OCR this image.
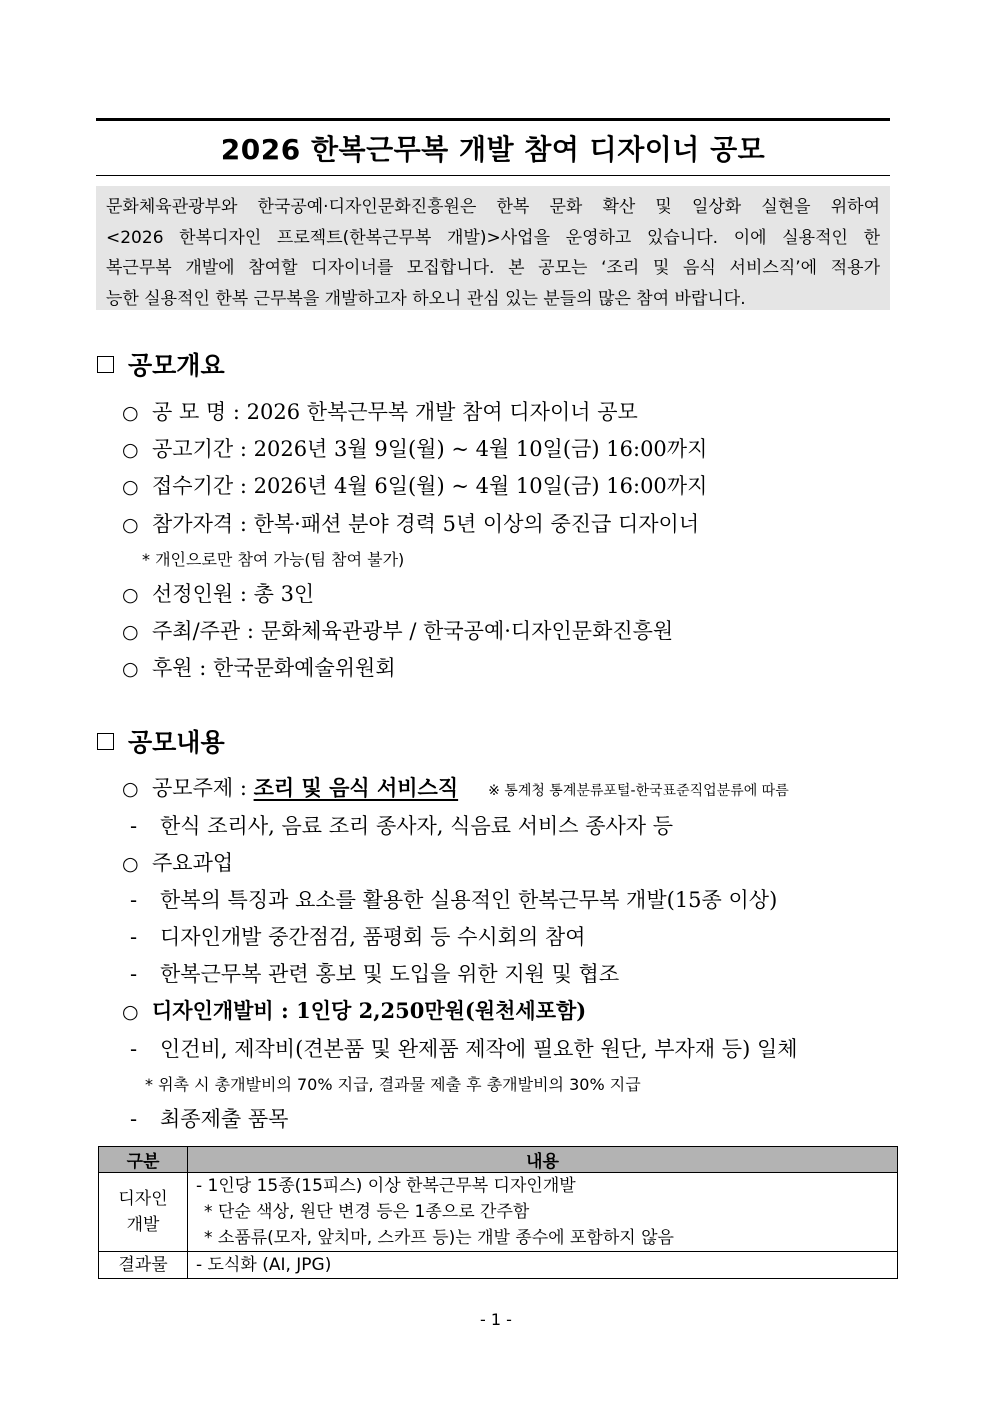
2026 한복근무복 개발 참여 디자이너 공모

문화체육관광부와 한국공예·디자인문화진흥원은 한복 문화 확산 및 일상화 실현을 위하여

<2026 한복디자인 프로젝트(한복근무복 개발)>사업을 운영하고 있습니다. 이에 실용적인 한

복근무복 개발에 참여할 디자이너를 모집합니다. 본 공모는 ‘조리 및 음식 서비스직’에 적용가

능한 실용적인 한복 근무복을 개발하고자 하오니 관심 있는 분들의 많은 참여 바랍니다.

공모개요
○ 공 모 명 : 2026 한복근무복 개발 참여 디자이너 공모
○ 공고기간 : 2026년 3월 9일(월) ~ 4월 10일(금) 16:00까지
○ 접수기간 : 2026년 4월 6일(월) ~ 4월 10일(금) 16:00까지
○ 참가자격 : 한복·패션 분야 경력 5년 이상의 중진급 디자이너
* 개인으로만 참여 가능(팀 참여 불가)
○ 선정인원 : 총 3인
○ 주최/주관 : 문화체육관광부 / 한국공예·디자인문화진흥원
○ 후원 : 한국문화예술위원회
공모내용
○ 공모주제 : 조리 및 음식 서비스직 ※ 통계청 통계분류포털-한국표준직업분류에 따름
- 한식 조리사, 음료 조리 종사자, 식음료 서비스 종사자 등
○ 주요과업
- 한복의 특징과 요소를 활용한 실용적인 한복근무복 개발(15종 이상)
- 디자인개발 중간점검, 품평회 등 수시회의 참여
- 한복근무복 관련 홍보 및 도입을 위한 지원 및 협조
○ 디자인개발비 : 1인당 2,250만원(원천세포함)
- 인건비, 제작비(견본품 및 완제품 제작에 필요한 원단, 부자재 등) 일체
* 위촉 시 총개발비의 70% 지급, 결과물 제출 후 총개발비의 30% 지급
- 최종제출 품목
구분	내용
디자인
개발	- 1인당 15종(15피스) 이상 한복근무복 디자인개발
* 단순 색상, 원단 변경 등은 1종으로 간주함
* 소품류(모자, 앞치마, 스카프 등)는 개발 종수에 포함하지 않음

결과물	- 도식화 (AI, JPG)
- 1 -
